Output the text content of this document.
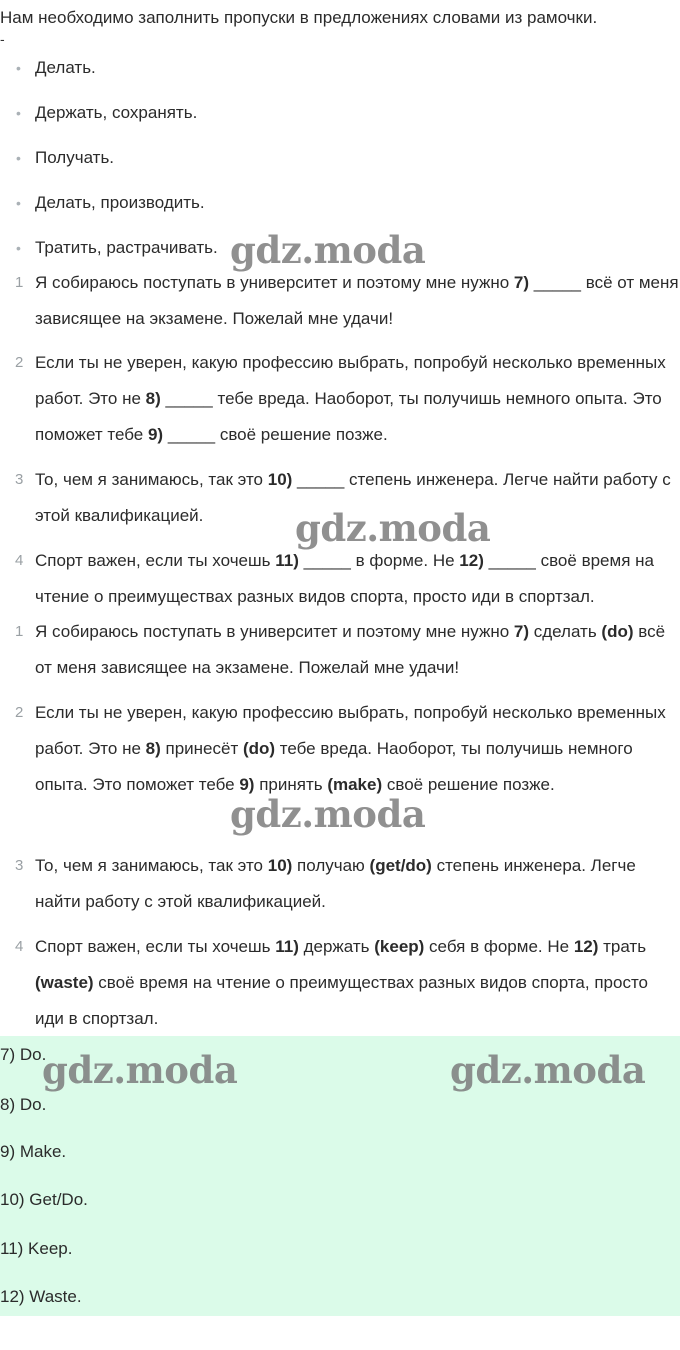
Нам необходимо заполнить пропуски в предложениях словами из рамочки.
-
• Делать.
• Держать, сохранять.
• Получать.
• Делать, производить.
• Тратить, растрачивать.
1 Я собираюсь поступать в университет и поэтому мне нужно 7) _____ всё от меня зависящее на экзамене. Пожелай мне удачи!
2 Если ты не уверен, какую профессию выбрать, попробуй несколько временных работ. Это не 8) _____ тебе вреда. Наоборот, ты получишь немного опыта. Это поможет тебе 9) _____ своё решение позже.
3 То, чем я занимаюсь, так это 10) _____ степень инженера. Легче найти работу с этой квалификацией.
4 Спорт важен, если ты хочешь 11) _____ в форме. Не 12) _____ своё время на чтение о преимуществах разных видов спорта, просто иди в спортзал.
1 Я собираюсь поступать в университет и поэтому мне нужно 7) сделать (do) всё от меня зависящее на экзамене. Пожелай мне удачи!
2 Если ты не уверен, какую профессию выбрать, попробуй несколько временных работ. Это не 8) принесёт (do) тебе вреда. Наоборот, ты получишь немного опыта. Это поможет тебе 9) принять (make) своё решение позже.
3 То, чем я занимаюсь, так это 10) получаю (get/do) степень инженера. Легче найти работу с этой квалификацией.
4 Спорт важен, если ты хочешь 11) держать (keep) себя в форме. Не 12) трать (waste) своё время на чтение о преимуществах разных видов спорта, просто иди в спортзал.
7) Do.
8) Do.
9) Make.
10) Get/Do.
11) Keep.
12) Waste.
gdz.moda
gdz.moda
gdz.moda
gdz.moda	gdz.moda
